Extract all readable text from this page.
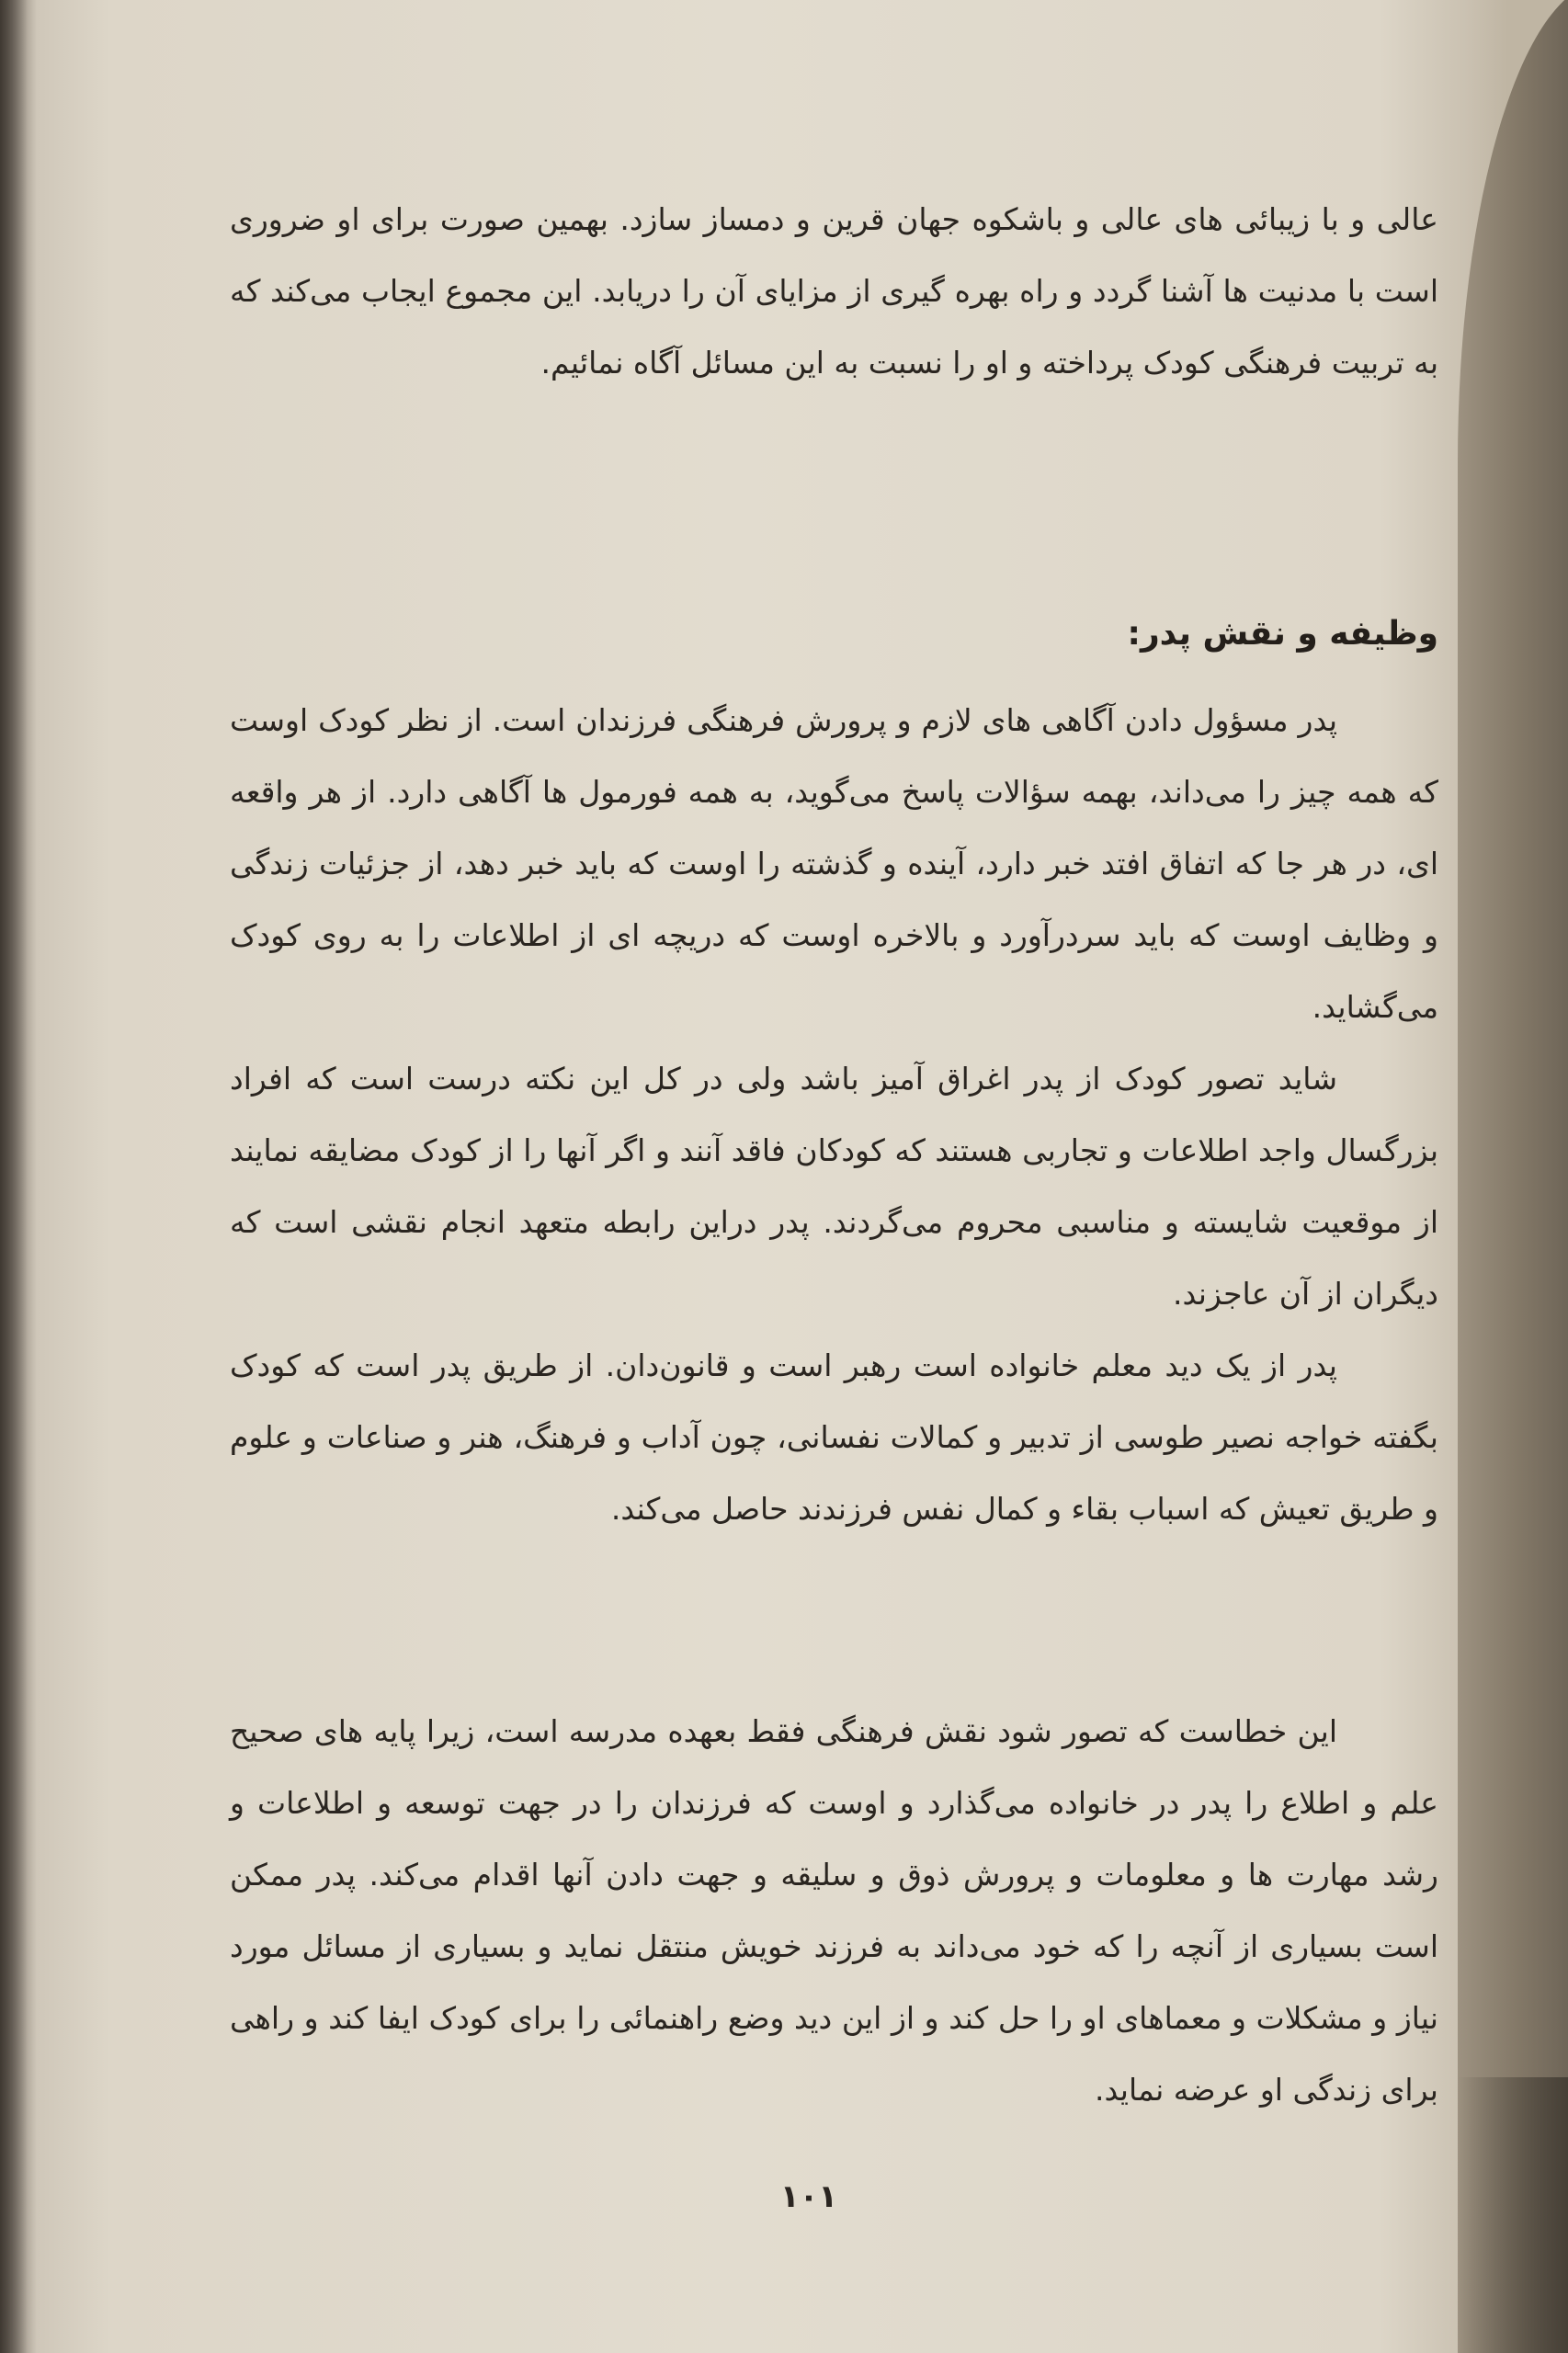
عالی و با زیبائی های عالی و باشکوه جهان قرین و دمساز سازد. بهمین صورت برای او ضروری است با مدنیت ها آشنا گردد و راه بهره گیری از مزایای آن را دریابد. این مجموع ایجاب می‌کند که به تربیت فرهنگی کودک پرداخته و او را نسبت به این مسائل آگاه نمائیم.

وظیفه و نقش پدر:

پدر مسؤول دادن آگاهی های لازم و پرورش فرهنگی فرزندان است. از نظر کودک اوست که همه چیز را می‌داند، بهمه سؤالات پاسخ می‌گوید، به همه فورمول ها آگاهی دارد. از هر واقعه ای، در هر جا که اتفاق افتد خبر دارد، آینده و گذشته را اوست که باید خبر دهد، از جزئیات زندگی و وظایف اوست که باید سردرآورد و بالاخره اوست که دریچه ای از اطلاعات را به روی کودک می‌گشاید.

شاید تصور کودک از پدر اغراق آمیز باشد ولی در کل این نکته درست است که افراد بزرگسال واجد اطلاعات و تجاربی هستند که کودکان فاقد آنند و اگر آنها را از کودک مضایقه نمایند از موقعیت شایسته و مناسبی محروم می‌گردند. پدر دراین رابطه متعهد انجام نقشی است که دیگران از آن عاجزند.

پدر از یک دید معلم خانواده است رهبر است و قانون‌دان. از طریق پدر است که کودک بگفته خواجه نصیر طوسی از تدبیر و کمالات نفسانی، چون آداب و فرهنگ، هنر و صناعات و علوم و طریق تعیش که اسباب بقاء و کمال نفس فرزندند حاصل می‌کند.

این خطاست که تصور شود نقش فرهنگی فقط بعهده مدرسه است، زیرا پایه های صحیح علم و اطلاع را پدر در خانواده می‌گذارد و اوست که فرزندان را در جهت توسعه و اطلاعات و رشد مهارت ها و معلومات و پرورش ذوق و سلیقه و جهت دادن آنها اقدام می‌کند. پدر ممکن است بسیاری از آنچه را که خود می‌داند به فرزند خویش منتقل نماید و بسیاری از مسائل مورد نیاز و مشکلات و معماهای او را حل کند و از این دید وضع راهنمائی را برای کودک ایفا کند و راهی برای زندگی او عرضه نماید.

۱۰۱
